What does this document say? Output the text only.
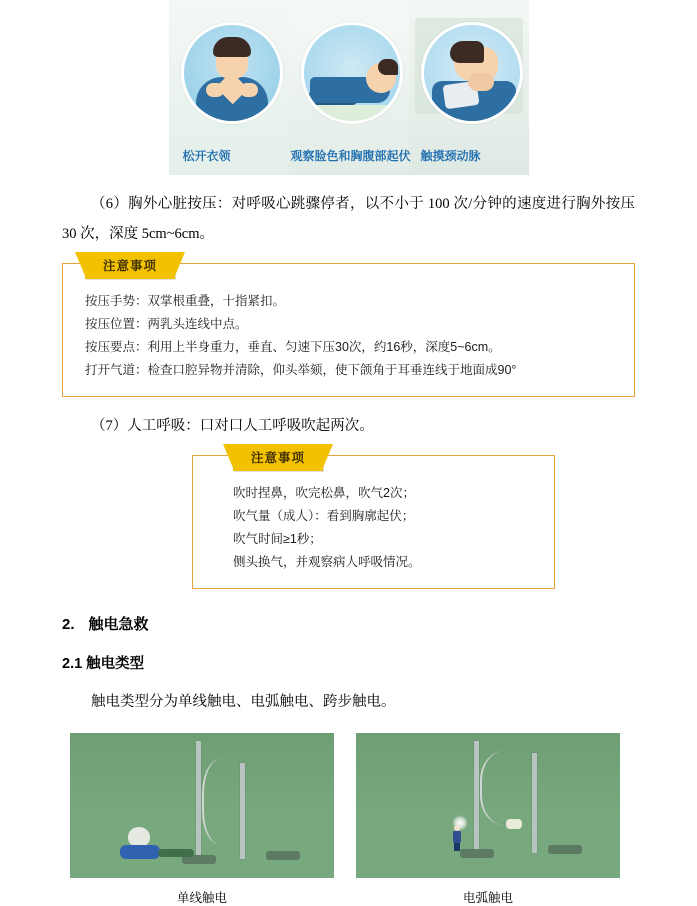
松开衣领	观察脸色和胸腹部起伏 触摸颈动脉

（6）胸外心脏按压：对呼吸心跳骤停者，以不小于 100 次/分钟的速度进行胸外按压 30 次，深度 5cm~6cm。

注意事项
按压手势：双掌根重叠，十指紧扣。
按压位置：两乳头连线中点。
按压要点：利用上半身重力，垂直、匀速下压30次，约16秒，深度5~6cm。
打开气道：检查口腔异物并清除，仰头举颏，使下颌角于耳垂连线于地面成90°

（7）人工呼吸：口对口人工呼吸吹起两次。

注意事项
吹时捏鼻，吹完松鼻，吹气2次；
吹气量（成人）：看到胸廓起伏；
吹气时间≥1秒；
侧头换气，并观察病人呼吸情况。
2. 触电急救
2.1 触电类型

触电类型分为单线触电、电弧触电、跨步触电。

单线触电	电弧触电
